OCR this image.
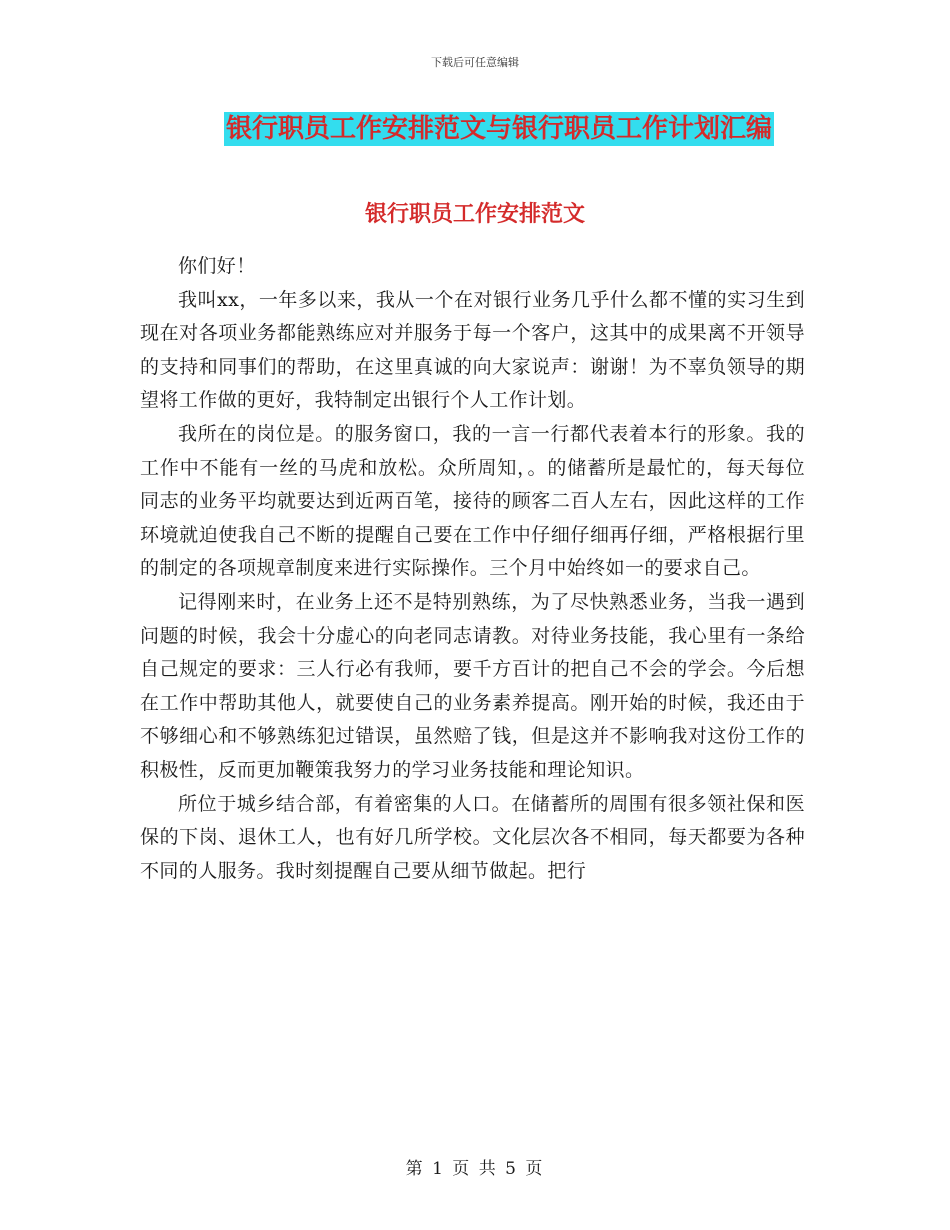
下载后可任意编辑
银行职员工作安排范文与银行职员工作计划汇编
银行职员工作安排范文

你们好！

我叫xx，一年多以来，我从一个在对银行业务几乎什么都不懂的实习生到现在对各项业务都能熟练应对并服务于每一个客户，这其中的成果离不开领导的支持和同事们的帮助，在这里真诚的向大家说声：谢谢！为不辜负领导的期望将工作做的更好，我特制定出银行个人工作计划。

我所在的岗位是。的服务窗口，我的一言一行都代表着本行的形象。我的工作中不能有一丝的马虎和放松。众所周知，。的储蓄所是最忙的，每天每位同志的业务平均就要达到近两百笔，接待的顾客二百人左右，因此这样的工作环境就迫使我自己不断的提醒自己要在工作中仔细仔细再仔细，严格根据行里的制定的各项规章制度来进行实际操作。三个月中始终如一的要求自己。

记得刚来时，在业务上还不是特别熟练，为了尽快熟悉业务，当我一遇到问题的时候，我会十分虚心的向老同志请教。对待业务技能，我心里有一条给自己规定的要求：三人行必有我师，要千方百计的把自己不会的学会。今后想在工作中帮助其他人，就要使自己的业务素养提高。刚开始的时候，我还由于不够细心和不够熟练犯过错误，虽然赔了钱，但是这并不影响我对这份工作的积极性，反而更加鞭策我努力的学习业务技能和理论知识。

所位于城乡结合部，有着密集的人口。在储蓄所的周围有很多领社保和医保的下岗、退休工人，也有好几所学校。文化层次各不相同，每天都要为各种不同的人服务。我时刻提醒自己要从细节做起。把行

第 1 页 共 5 页
